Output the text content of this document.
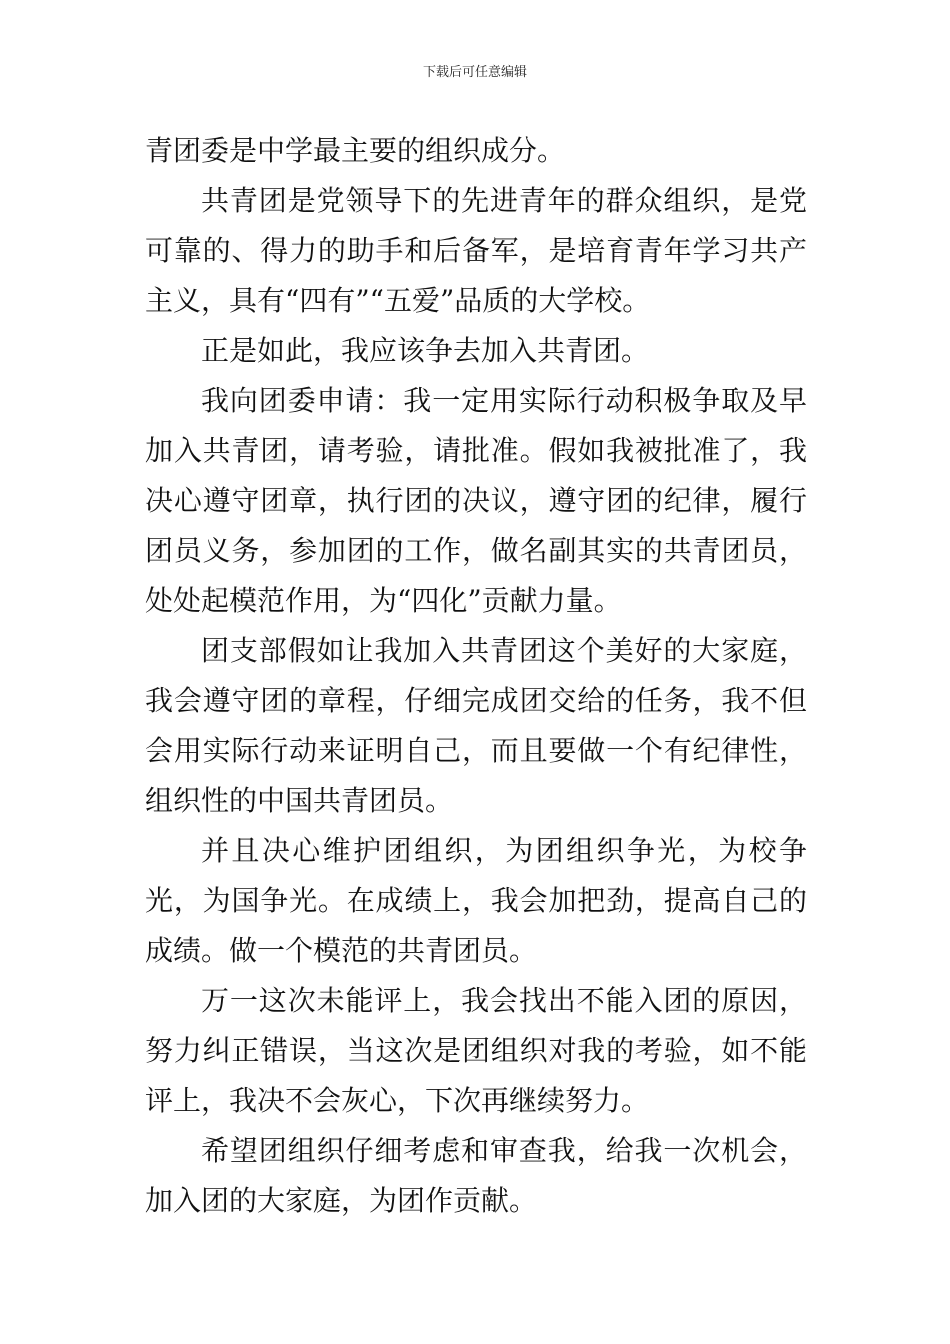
下载后可任意编辑

青团委是中学最主要的组织成分。

共青团是党领导下的先进青年的群众组织，是党可靠的、得力的助手和后备军，是培育青年学习共产主义，具有“四有”“五爱”品质的大学校。

正是如此，我应该争去加入共青团。

我向团委申请：我一定用实际行动积极争取及早加入共青团，请考验，请批准。假如我被批准了，我决心遵守团章，执行团的决议，遵守团的纪律，履行团员义务，参加团的工作，做名副其实的共青团员，处处起模范作用，为“四化”贡献力量。

团支部假如让我加入共青团这个美好的大家庭，我会遵守团的章程，仔细完成团交给的任务，我不但会用实际行动来证明自己，而且要做一个有纪律性，组织性的中国共青团员。

并且决心维护团组织，为团组织争光，为校争光，为国争光。在成绩上，我会加把劲，提高自己的成绩。做一个模范的共青团员。

万一这次未能评上，我会找出不能入团的原因，努力纠正错误，当这次是团组织对我的考验，如不能评上，我决不会灰心，下次再继续努力。

希望团组织仔细考虑和审查我，给我一次机会，加入团的大家庭，为团作贡献。
